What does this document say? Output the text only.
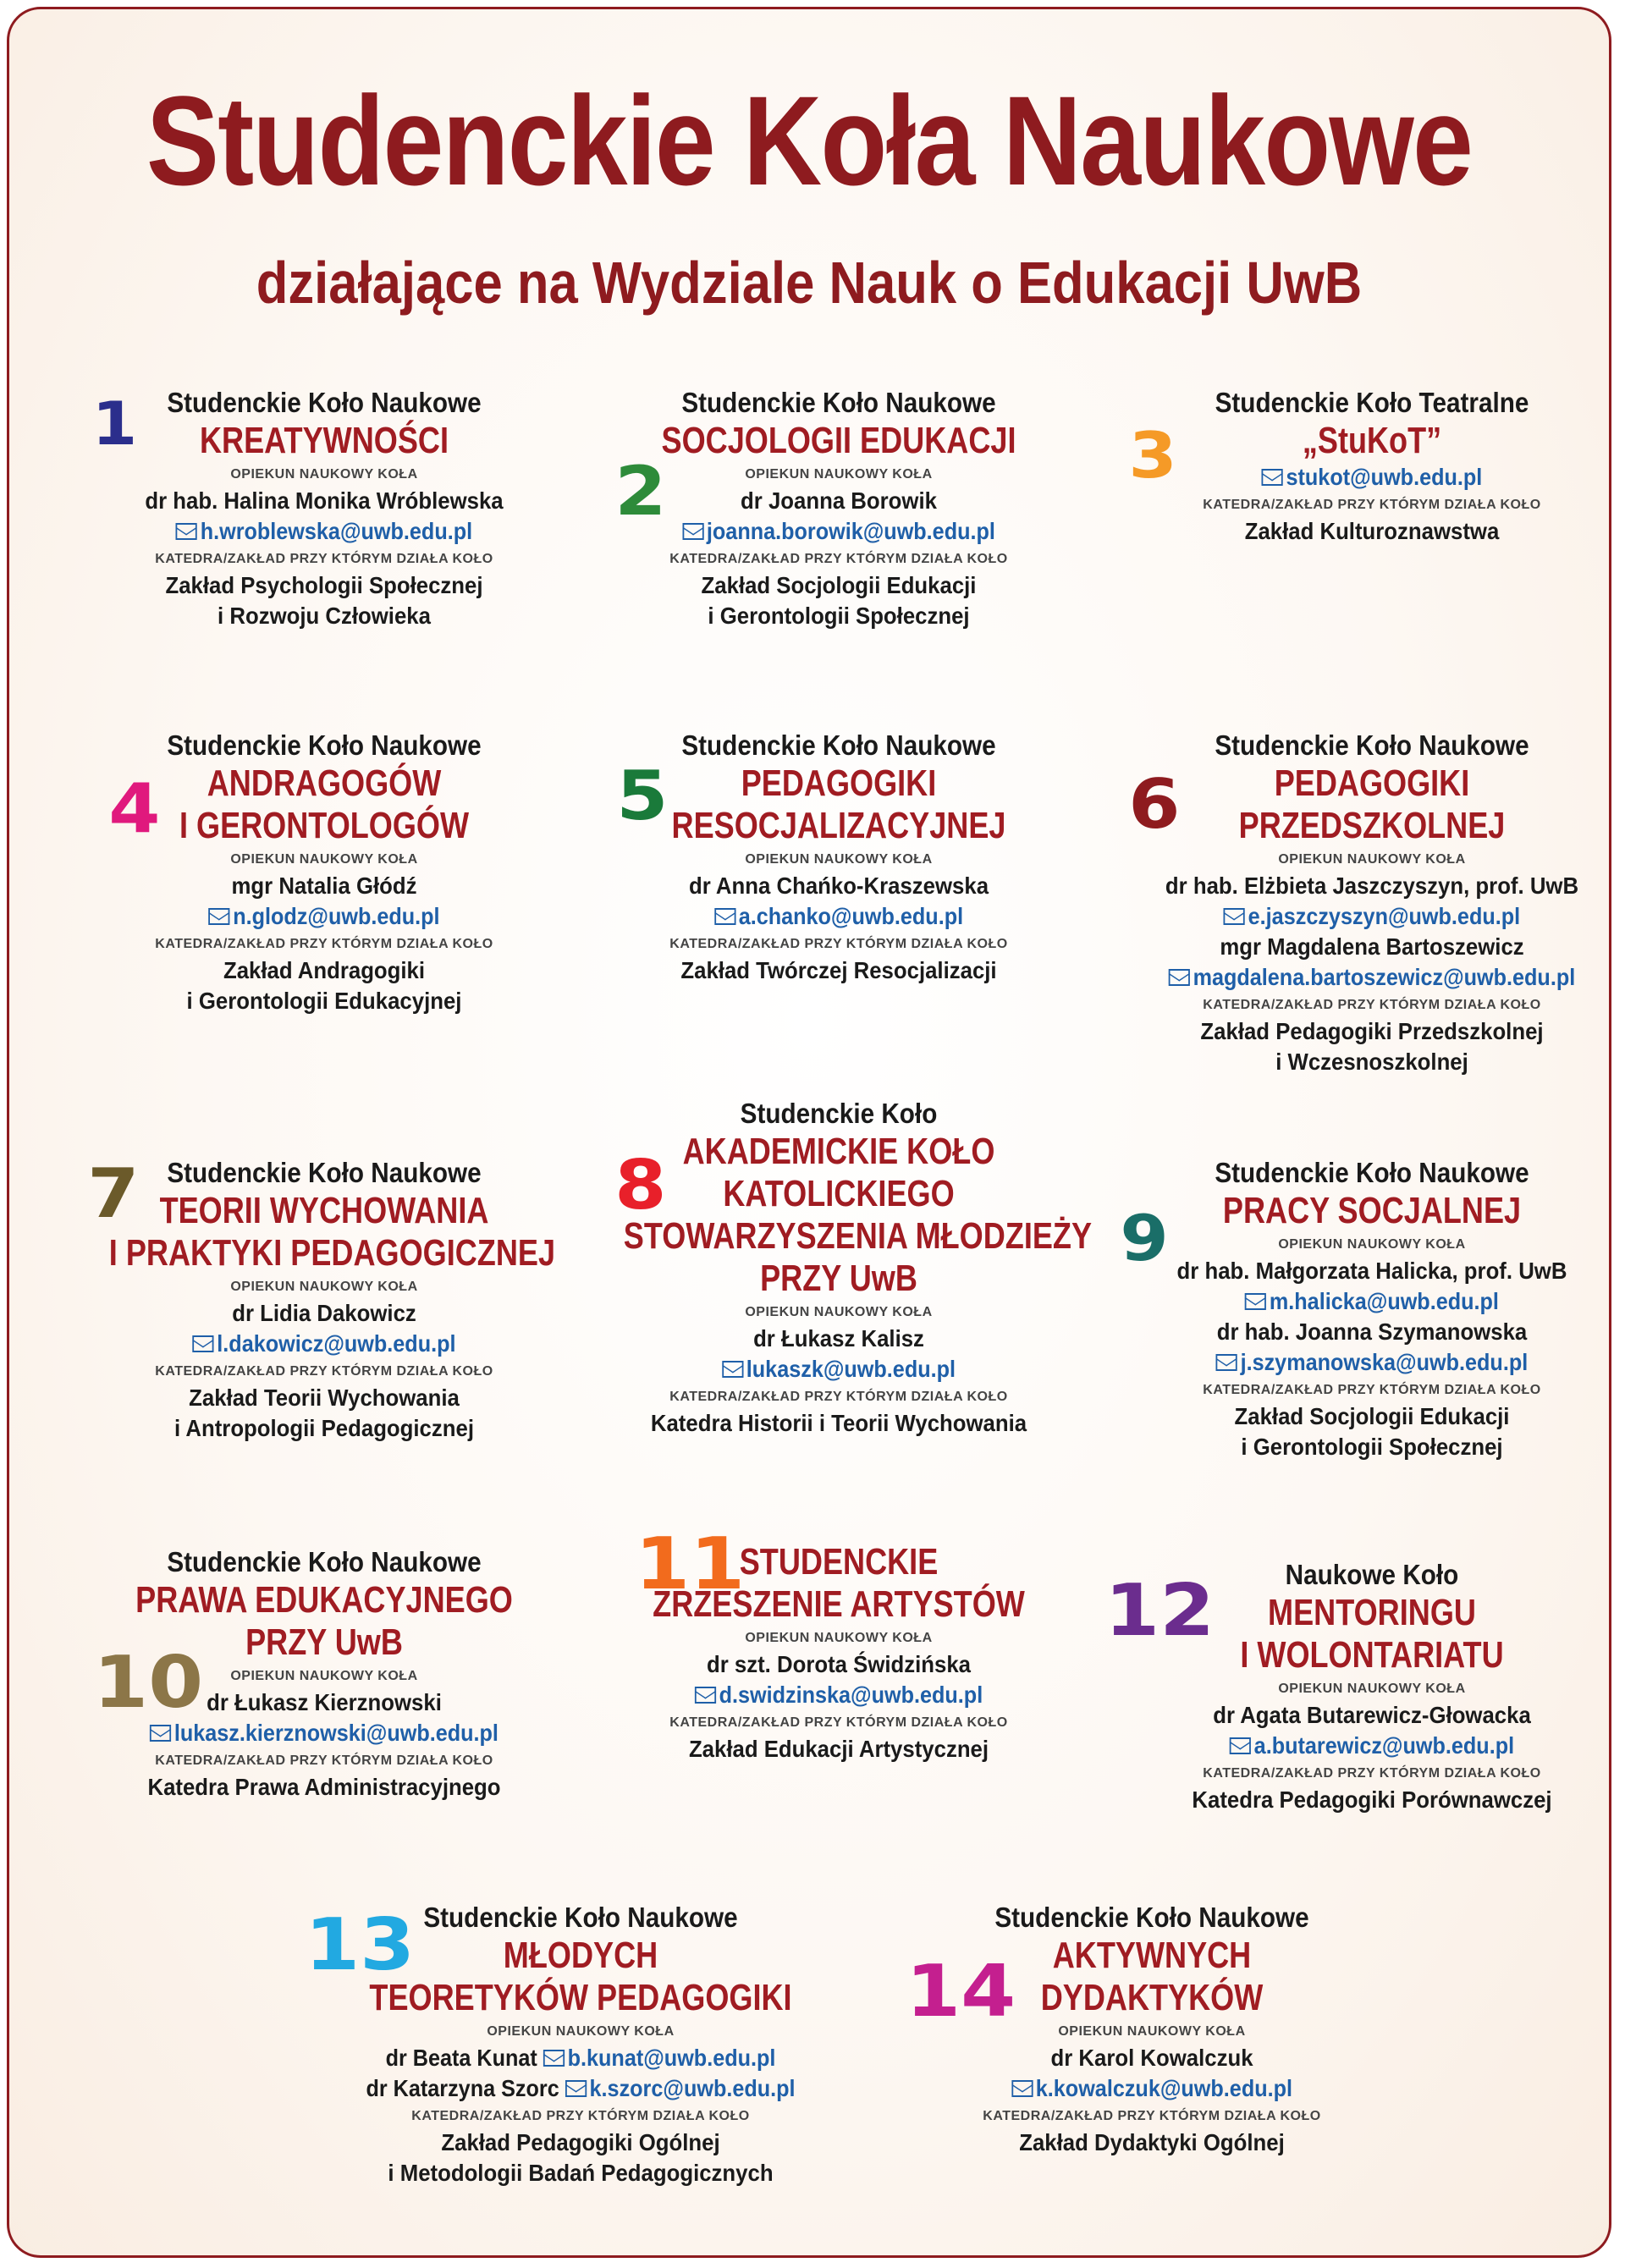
Studenckie Koła Naukowe
działające na Wydziale Nauk o Edukacji UwB
1	Studenckie Koło Naukowe
KREATYWNOŚCI
OPIEKUN NAUKOWY KOŁA
dr hab. Halina Monika Wróblewska
h.wroblewska@uwb.edu.pl
KATEDRA/ZAKŁAD PRZY KTÓRYM DZIAŁA KOŁO
Zakład Psychologii Społecznej
i Rozwoju Człowieka
2
Studenckie Koło Naukowe
SOCJOLOGII EDUKACJI
OPIEKUN NAUKOWY KOŁA
dr Joanna Borowik
joanna.borowik@uwb.edu.pl
KATEDRA/ZAKŁAD PRZY KTÓRYM DZIAŁA KOŁO
Zakład Socjologii Edukacji
i Gerontologii Społecznej
3
Studenckie Koło Teatralne
„StuKoT”
stukot@uwb.edu.pl
KATEDRA/ZAKŁAD PRZY KTÓRYM DZIAŁA KOŁO
Zakład Kulturoznawstwa
4
Studenckie Koło Naukowe
ANDRAGOGÓW
I GERONTOLOGÓW
OPIEKUN NAUKOWY KOŁA
mgr Natalia Głódź
n.glodz@uwb.edu.pl
KATEDRA/ZAKŁAD PRZY KTÓRYM DZIAŁA KOŁO
Zakład Andragogiki
i Gerontologii Edukacyjnej
5
Studenckie Koło Naukowe
PEDAGOGIKI
RESOCJALIZACYJNEJ
OPIEKUN NAUKOWY KOŁA
dr Anna Chańko-Kraszewska
a.chanko@uwb.edu.pl
KATEDRA/ZAKŁAD PRZY KTÓRYM DZIAŁA KOŁO
Zakład Twórczej Resocjalizacji
6
Studenckie Koło Naukowe
PEDAGOGIKI
PRZEDSZKOLNEJ
OPIEKUN NAUKOWY KOŁA
dr hab. Elżbieta Jaszczyszyn, prof. UwB
e.jaszczyszyn@uwb.edu.pl
mgr Magdalena Bartoszewicz
magdalena.bartoszewicz@uwb.edu.pl
KATEDRA/ZAKŁAD PRZY KTÓRYM DZIAŁA KOŁO
Zakład Pedagogiki Przedszkolnej
i Wczesnoszkolnej
7 Studenckie Koło Naukowe
TEORII WYCHOWANIA
I PRAKTYKI PEDAGOGICZNEJ
OPIEKUN NAUKOWY KOŁA
dr Lidia Dakowicz
l.dakowicz@uwb.edu.pl
KATEDRA/ZAKŁAD PRZY KTÓRYM DZIAŁA KOŁO
Zakład Teorii Wychowania
i Antropologii Pedagogicznej
8
Studenckie Koło
AKADEMICKIE KOŁO
KATOLICKIEGO
STOWARZYSZENIA MŁODZIEŻY
PRZY UwB
OPIEKUN NAUKOWY KOŁA
dr Łukasz Kalisz
lukaszk@uwb.edu.pl
KATEDRA/ZAKŁAD PRZY KTÓRYM DZIAŁA KOŁO
Katedra Historii i Teorii Wychowania
9
Studenckie Koło Naukowe
PRACY SOCJALNEJ
OPIEKUN NAUKOWY KOŁA
dr hab. Małgorzata Halicka, prof. UwB
m.halicka@uwb.edu.pl
dr hab. Joanna Szymanowska
j.szymanowska@uwb.edu.pl
KATEDRA/ZAKŁAD PRZY KTÓRYM DZIAŁA KOŁO
Zakład Socjologii Edukacji
i Gerontologii Społecznej
10
Studenckie Koło Naukowe
PRAWA EDUKACYJNEGO
PRZY UwB
OPIEKUN NAUKOWY KOŁA
dr Łukasz Kierznowski
lukasz.kierznowski@uwb.edu.pl
KATEDRA/ZAKŁAD PRZY KTÓRYM DZIAŁA KOŁO
Katedra Prawa Administracyjnego
11
STUDENCKIE
ZRZESZENIE ARTYSTÓW
OPIEKUN NAUKOWY KOŁA
dr szt. Dorota Świdzińska
d.swidzinska@uwb.edu.pl
KATEDRA/ZAKŁAD PRZY KTÓRYM DZIAŁA KOŁO
Zakład Edukacji Artystycznej
12	Naukowe Koło
MENTORINGU
I WOLONTARIATU
OPIEKUN NAUKOWY KOŁA
dr Agata Butarewicz-Głowacka
a.butarewicz@uwb.edu.pl
KATEDRA/ZAKŁAD PRZY KTÓRYM DZIAŁA KOŁO
Katedra Pedagogiki Porównawczej
13 Studenckie Koło Naukowe
MŁODYCH
TEORETYKÓW PEDAGOGIKI
OPIEKUN NAUKOWY KOŁA
dr Beata Kunat b.kunat@uwb.edu.pl
dr Katarzyna Szorc k.szorc@uwb.edu.pl
KATEDRA/ZAKŁAD PRZY KTÓRYM DZIAŁA KOŁO
Zakład Pedagogiki Ogólnej
i Metodologii Badań Pedagogicznych
14
Studenckie Koło Naukowe
AKTYWNYCH
DYDAKTYKÓW
OPIEKUN NAUKOWY KOŁA
dr Karol Kowalczuk
k.kowalczuk@uwb.edu.pl
KATEDRA/ZAKŁAD PRZY KTÓRYM DZIAŁA KOŁO
Zakład Dydaktyki Ogólnej
